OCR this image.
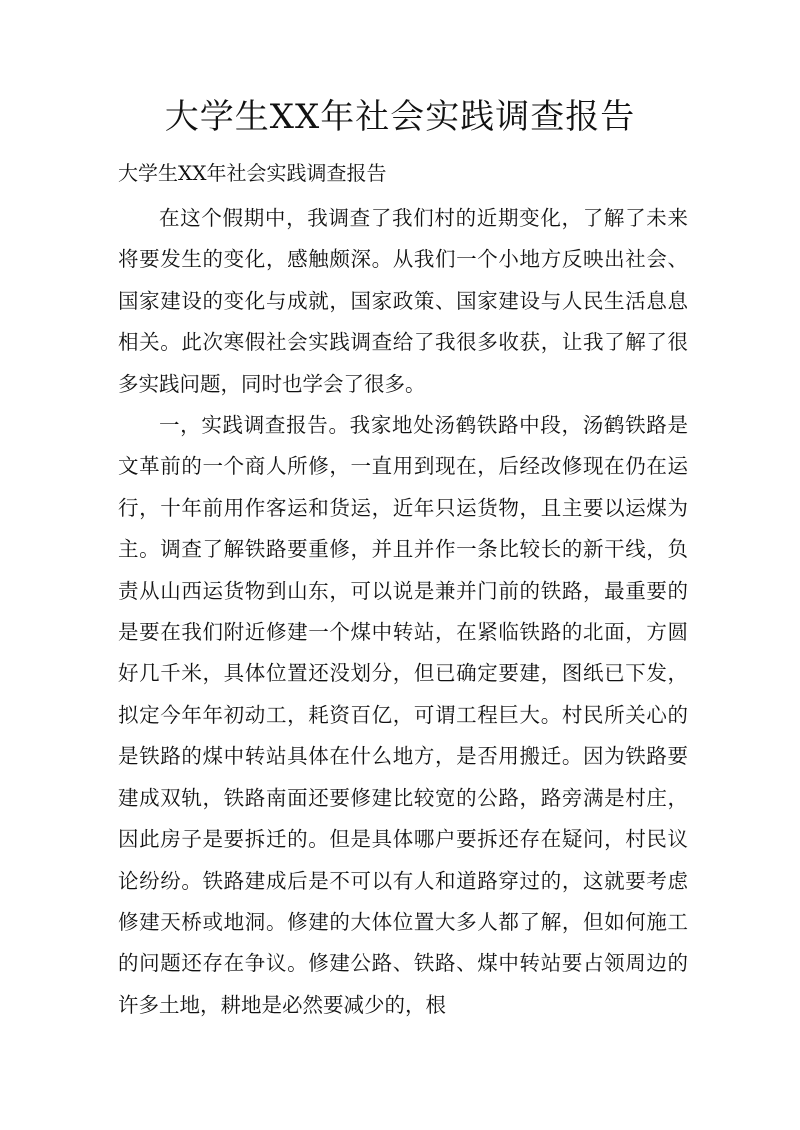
大学生XX年社会实践调查报告

大学生XX年社会实践调查报告

在这个假期中，我调查了我们村的近期变化，了解了未来将要发生的变化，感触颇深。从我们一个小地方反映出社会、国家建设的变化与成就，国家政策、国家建设与人民生活息息相关。此次寒假社会实践调查给了我很多收获，让我了解了很多实践问题，同时也学会了很多。

一，实践调查报告。我家地处汤鹤铁路中段，汤鹤铁路是文革前的一个商人所修，一直用到现在，后经改修现在仍在运行，十年前用作客运和货运，近年只运货物，且主要以运煤为主。调查了解铁路要重修，并且并作一条比较长的新干线，负责从山西运货物到山东，可以说是兼并门前的铁路，最重要的是要在我们附近修建一个煤中转站，在紧临铁路的北面，方圆好几千米，具体位置还没划分，但已确定要建，图纸已下发，拟定今年年初动工，耗资百亿，可谓工程巨大。村民所关心的是铁路的煤中转站具体在什么地方，是否用搬迁。因为铁路要建成双轨，铁路南面还要修建比较宽的公路，路旁满是村庄，因此房子是要拆迁的。但是具体哪户要拆还存在疑问，村民议论纷纷。铁路建成后是不可以有人和道路穿过的，这就要考虑修建天桥或地洞。修建的大体位置大多人都了解，但如何施工的问题还存在争议。修建公路、铁路、煤中转站要占领周边的许多土地，耕地是必然要减少的，根
